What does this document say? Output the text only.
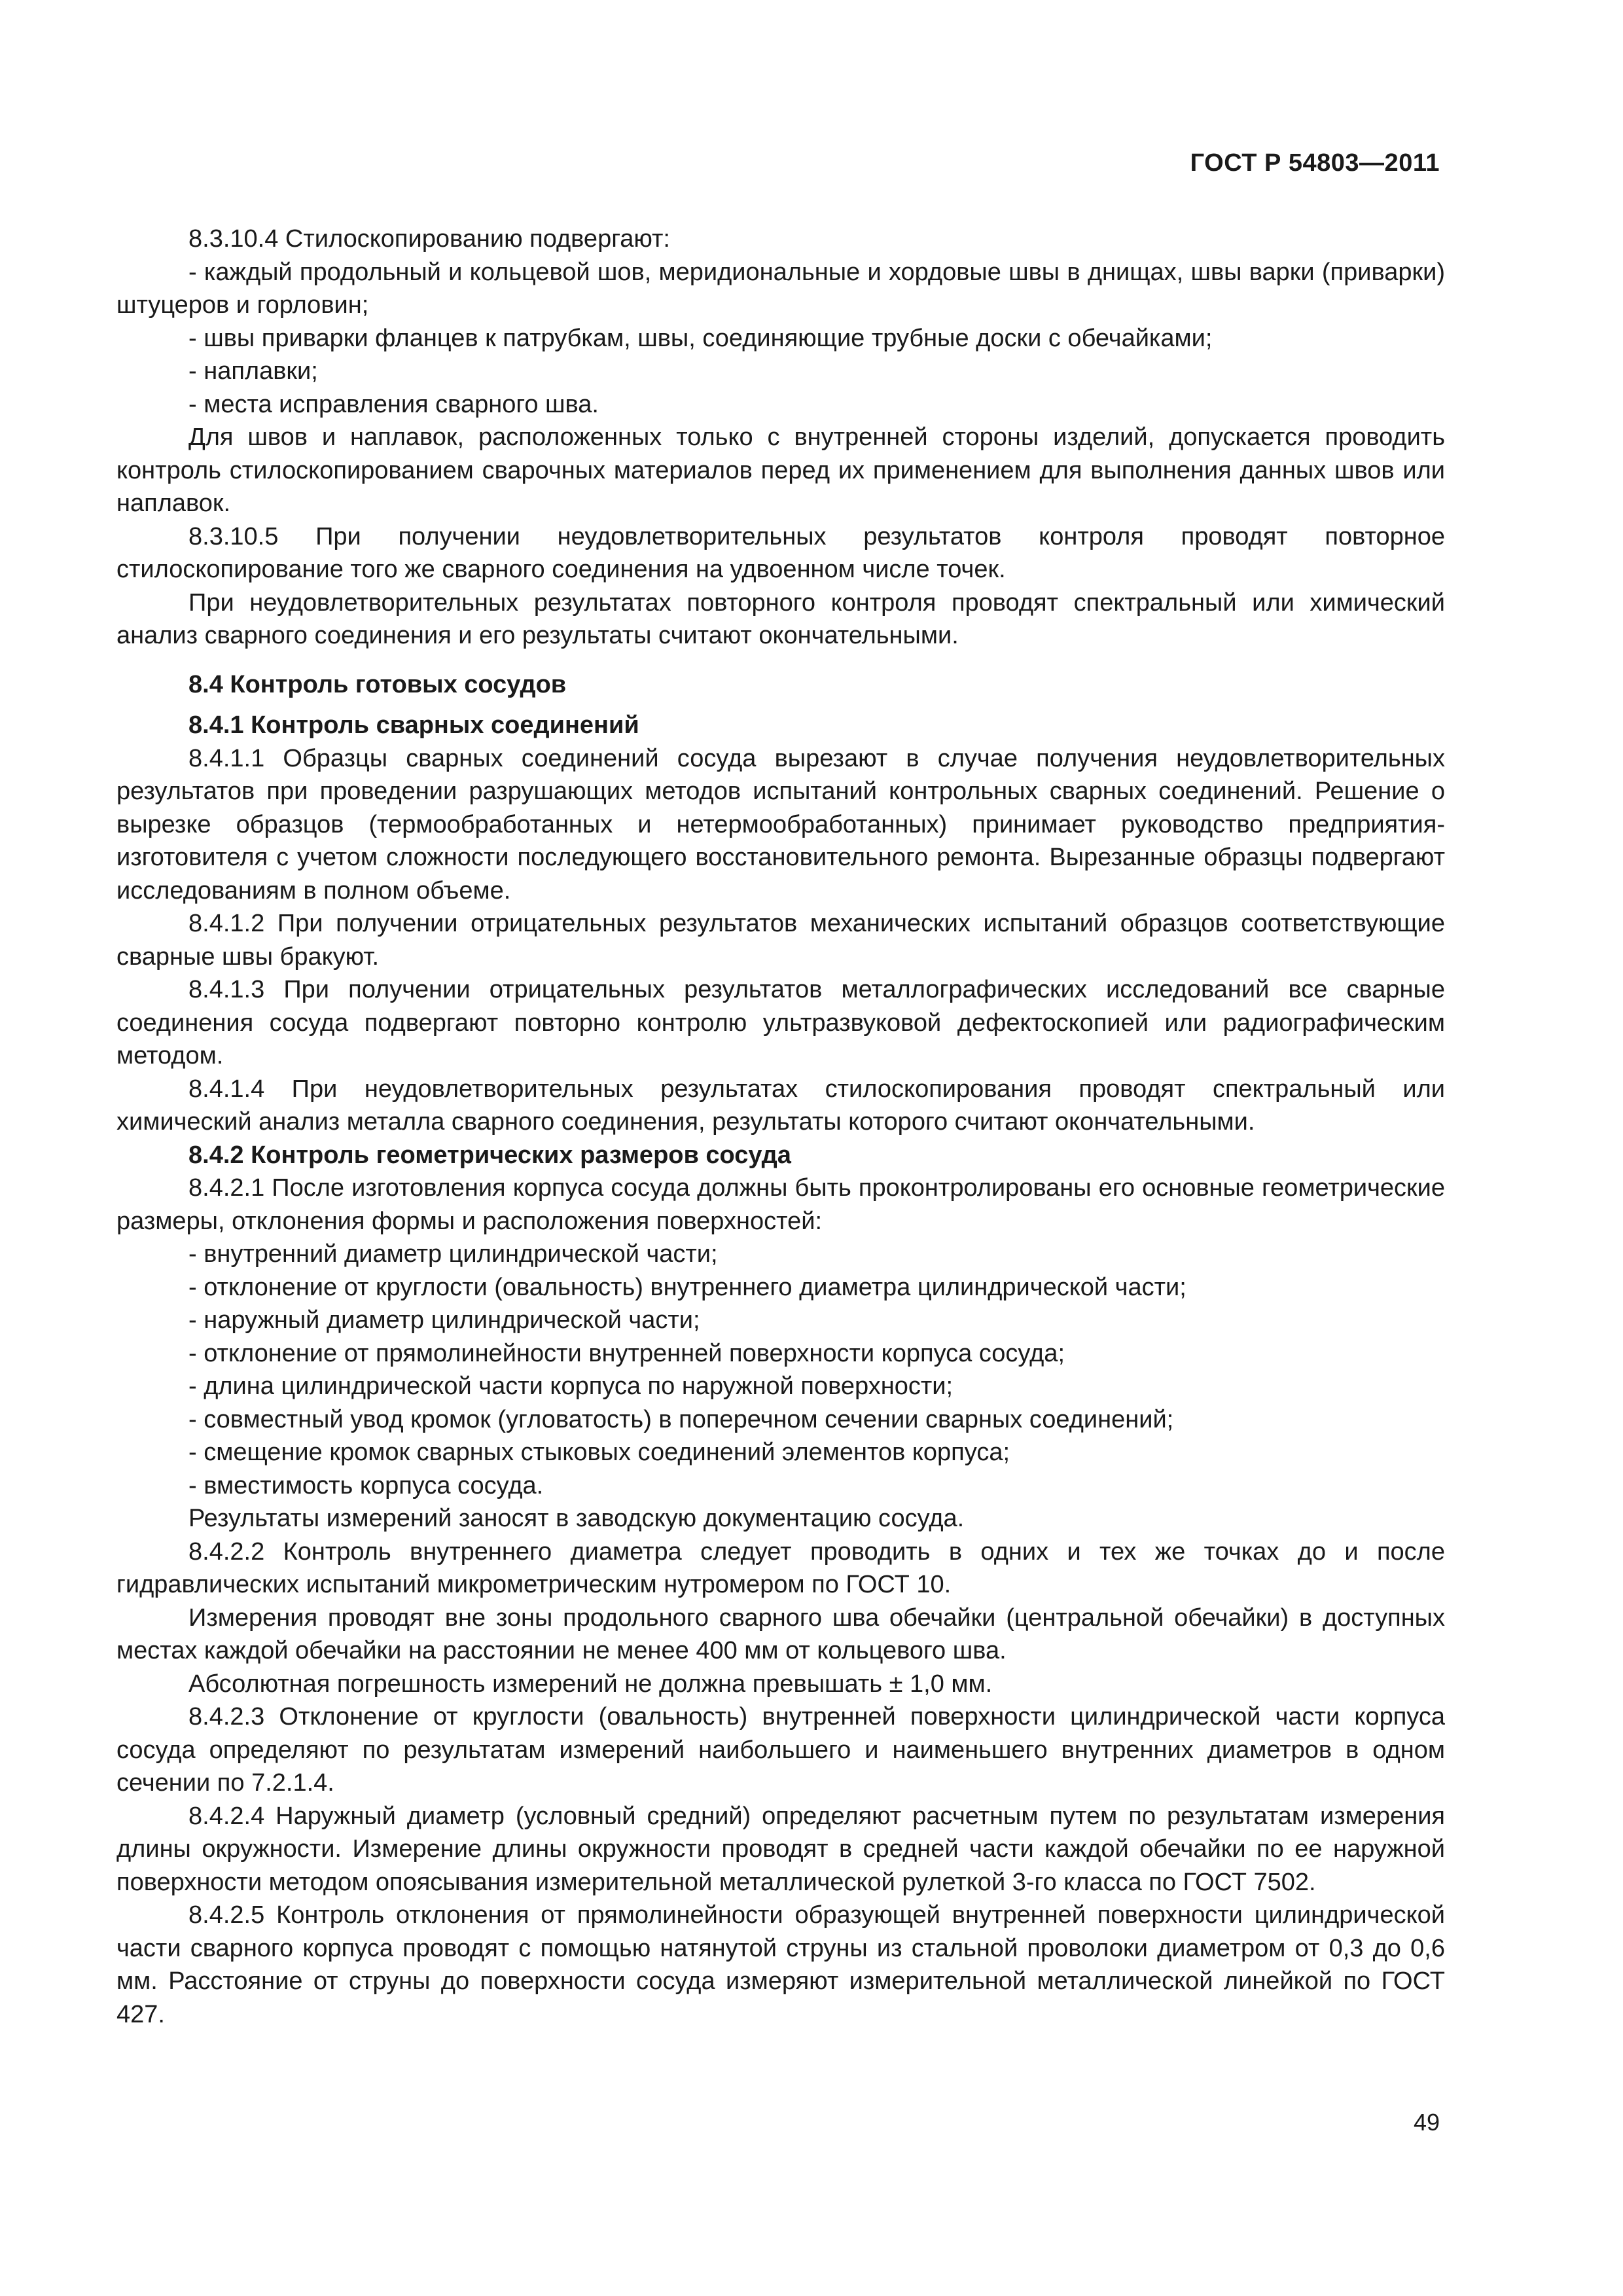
ГОСТ Р 54803—2011

8.3.10.4 Стилоскопированию подвергают:

- каждый продольный и кольцевой шов, меридиональные и хордовые швы в днищах, швы варки (приварки) штуцеров и горловин;

- швы приварки фланцев к патрубкам, швы, соединяющие трубные доски с обечайками;

- наплавки;

- места исправления сварного шва.

Для швов и наплавок, расположенных только с внутренней стороны изделий, допускается проводить контроль стилоскопированием сварочных материалов перед их применением для выполнения данных швов или наплавок.

8.3.10.5 При получении неудовлетворительных результатов контроля проводят повторное стилоскопирование того же сварного соединения на удвоенном числе точек.

При неудовлетворительных результатах повторного контроля проводят спектральный или химический анализ сварного соединения и его результаты считают окончательными.

8.4 Контроль готовых сосудов
8.4.1 Контроль сварных соединений

8.4.1.1 Образцы сварных соединений сосуда вырезают в случае получения неудовлетворительных результатов при проведении разрушающих методов испытаний контрольных сварных соединений. Решение о вырезке образцов (термообработанных и нетермообработанных) принимает руководство предприятия-изготовителя с учетом сложности последующего восстановительного ремонта. Вырезанные образцы подвергают исследованиям в полном объеме.

8.4.1.2 При получении отрицательных результатов механических испытаний образцов соответствующие сварные швы бракуют.

8.4.1.3 При получении отрицательных результатов металлографических исследований все сварные соединения сосуда подвергают повторно контролю ультразвуковой дефектоскопией или радиографическим методом.

8.4.1.4 При неудовлетворительных результатах стилоскопирования проводят спектральный или химический анализ металла сварного соединения, результаты которого считают окончательными.

8.4.2 Контроль геометрических размеров сосуда

8.4.2.1 После изготовления корпуса сосуда должны быть проконтролированы его основные геометрические размеры, отклонения формы и расположения поверхностей:

- внутренний диаметр цилиндрической части;

- отклонение от круглости (овальность) внутреннего диаметра цилиндрической части;

- наружный диаметр цилиндрической части;

- отклонение от прямолинейности внутренней поверхности корпуса сосуда;

- длина цилиндрической части корпуса по наружной поверхности;

- совместный увод кромок (угловатость) в поперечном сечении сварных соединений;

- смещение кромок сварных стыковых соединений элементов корпуса;

- вместимость корпуса сосуда.

Результаты измерений заносят в заводскую документацию сосуда.

8.4.2.2 Контроль внутреннего диаметра следует проводить в одних и тех же точках до и после гидравлических испытаний микрометрическим нутромером по ГОСТ 10.

Измерения проводят вне зоны продольного сварного шва обечайки (центральной обечайки) в доступных местах каждой обечайки на расстоянии не менее 400 мм от кольцевого шва.

Абсолютная погрешность измерений не должна превышать ± 1,0 мм.

8.4.2.3 Отклонение от круглости (овальность) внутренней поверхности цилиндрической части корпуса сосуда определяют по результатам измерений наибольшего и наименьшего внутренних диаметров в одном сечении по 7.2.1.4.

8.4.2.4 Наружный диаметр (условный средний) определяют расчетным путем по результатам измерения длины окружности. Измерение длины окружности проводят в средней части каждой обечайки по ее наружной поверхности методом опоясывания измерительной металлической рулеткой 3-го класса по ГОСТ 7502.

8.4.2.5 Контроль отклонения от прямолинейности образующей внутренней поверхности цилиндрической части сварного корпуса проводят с помощью натянутой струны из стальной проволоки диаметром от 0,3 до 0,6 мм. Расстояние от струны до поверхности сосуда измеряют измерительной металлической линейкой по ГОСТ 427.

49
